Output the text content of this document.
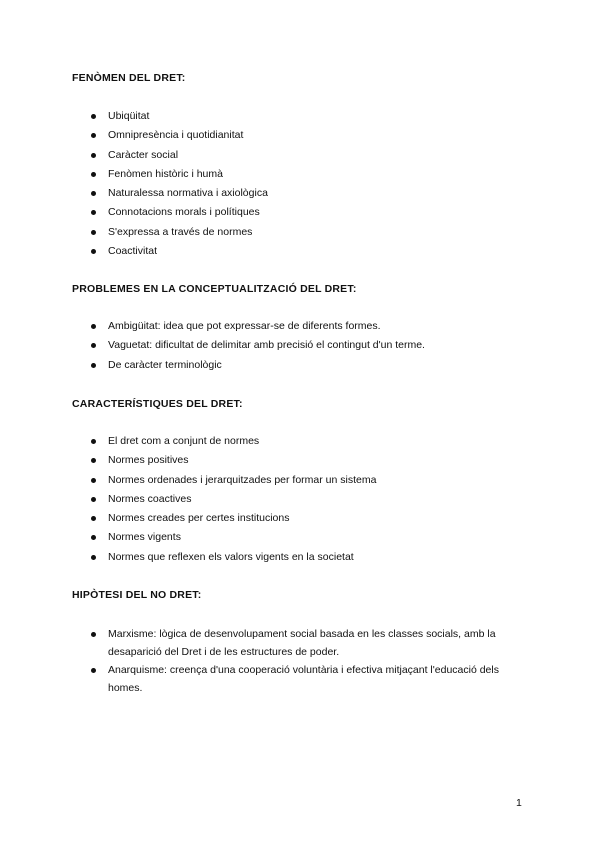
FENÒMEN DEL DRET:
Ubiqüitat
Omnipresència i quotidianitat
Caràcter social
Fenòmen històric i humà
Naturalessa normativa i axiològica
Connotacions morals i polítiques
S'expressa a través de normes
Coactivitat
PROBLEMES EN LA CONCEPTUALITZACIÓ DEL DRET:
Ambigüitat: idea que pot expressar-se de diferents formes.
Vaguetat: dificultat de delimitar amb precisió el contingut d'un terme.
De caràcter terminològic
CARACTERÍSTIQUES DEL DRET:
El dret com a conjunt de normes
Normes positives
Normes ordenades i jerarquitzades per formar un sistema
Normes coactives
Normes creades per certes institucions
Normes vigents
Normes que reflexen els valors vigents en la societat
HIPÒTESI DEL NO DRET:
Marxisme: lògica de desenvolupament social basada en les classes socials, amb la desaparició del Dret i de les estructures de poder.
Anarquisme: creença d'una cooperació voluntària i efectiva mitjaçant l'educació dels homes.
1
